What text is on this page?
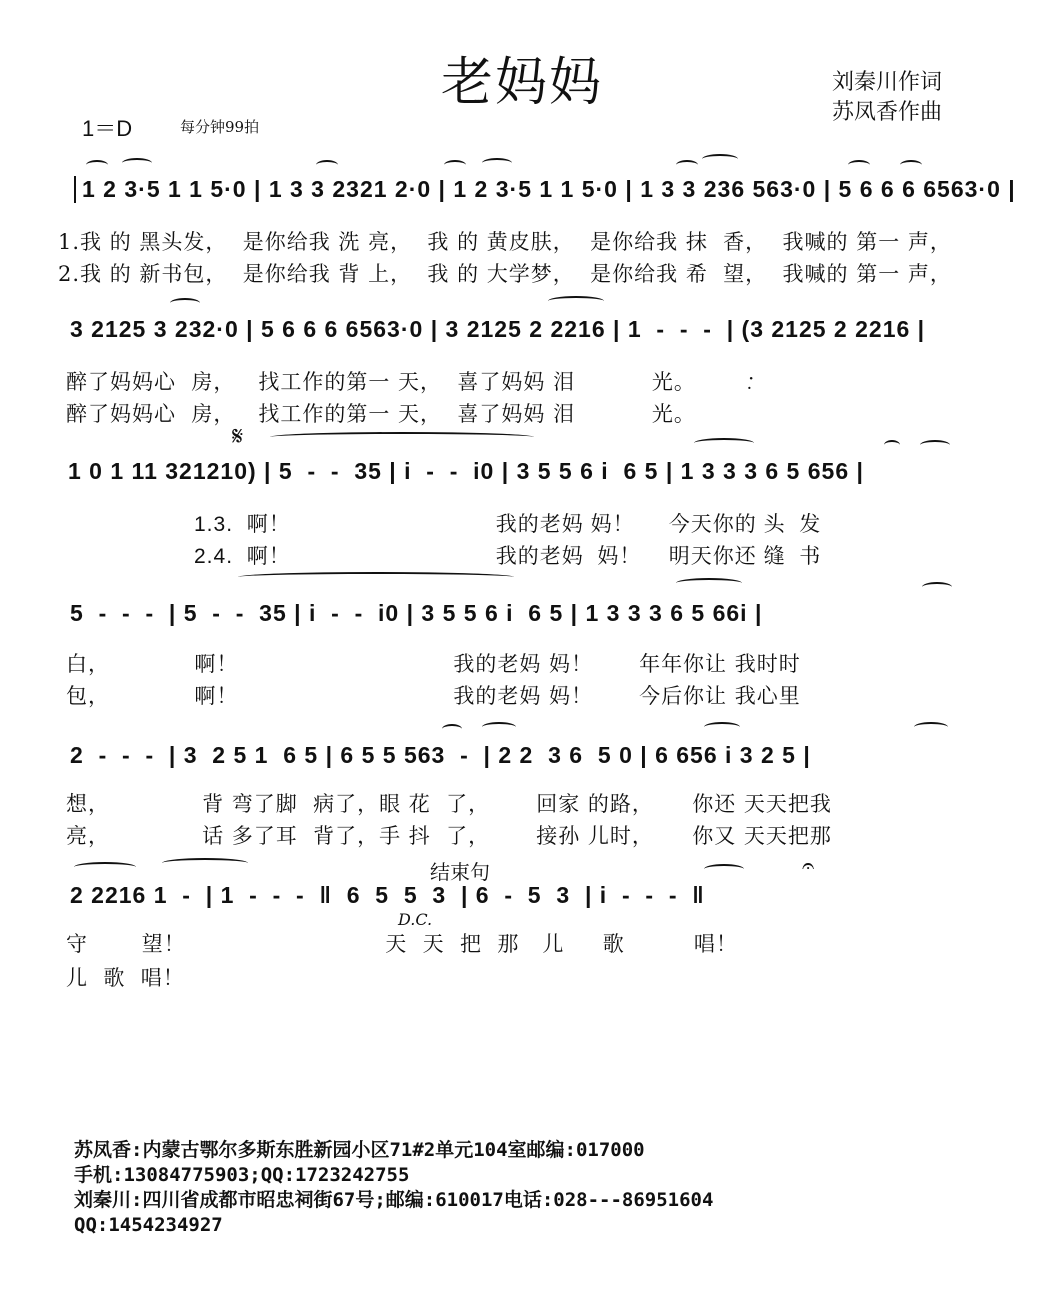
老妈妈	刘秦川作词
苏凤香作曲
1＝D	每分钟99拍
1 2 3·5 1 1 5·0 | 1 3 3 2321 2·0 | 1 2 3·5 1 1 5·0 | 1 3 3 236 563·0 | 5 6 6 6 6563·0 |
1.我 的 黑头发，  是你给我 洗 亮，  我 的 黄皮肤，  是你给我 抹  香，  我喊的 第一 声，
2.我 的 新书包，  是你给我 背 上，  我 的 大学梦，  是你给我 希  望，  我喊的 第一 声，
3 2125 3 232·0 | 5 6 6 6 6563·0 | 3 2125 2 2216 | 1  -  -  -  | (3 2125 2 2216 |
醉了妈妈心  房，   找工作的第一 天，  喜了妈妈 泪          光。
醉了妈妈心  房，   找工作的第一 天，  喜了妈妈 泪          光。
·̣
𝄋
1 0 1 11 321210) | 5  -  -  35 | i  -  -  i0 | 3 5 5 6 i  6 5 | 1 3 3 3 6 5 656 |
1.3.  啊！                              我的老妈 妈！     今天你的 头  发
2.4.  啊！                              我的老妈  妈！    明天你还 缝  书
5  -  -  -  | 5  -  -  35 | i  -  -  i0 | 3 5 5 6 i  6 5 | 1 3 3 3 6 5 66i |
白，           啊！                            我的老妈 妈！      年年你让 我时时
包，           啊！                            我的老妈 妈！      今后你让 我心里
2  -  -  -  | 3  2 5 1  6 5 | 6 5 5 563  -  | 2 2  3 6  5 0 | 6 656 i 3 2 5 |
想，            背 弯了脚  病了，眼 花  了，      回家 的路，     你还 天天把我
亮，            话 多了耳  背了，手 抖  了，      接孙 儿时，     你又 天天把那
结束句	𝄐
2 2216 1  -  | 1  -  -  -  ‖  6  5  5  3  | 6  -  5  3  | i  -  -  -  ‖
D.C.
守       望！                          天  天  把  那   儿     歌         唱！
儿  歌  唱！
苏凤香:内蒙古鄂尔多斯东胜新园小区71#2单元104室邮编:017000
手机:13084775903;QQ:1723242755
刘秦川:四川省成都市昭忠祠街67号;邮编:610017电话:028---86951604
QQ:1454234927
